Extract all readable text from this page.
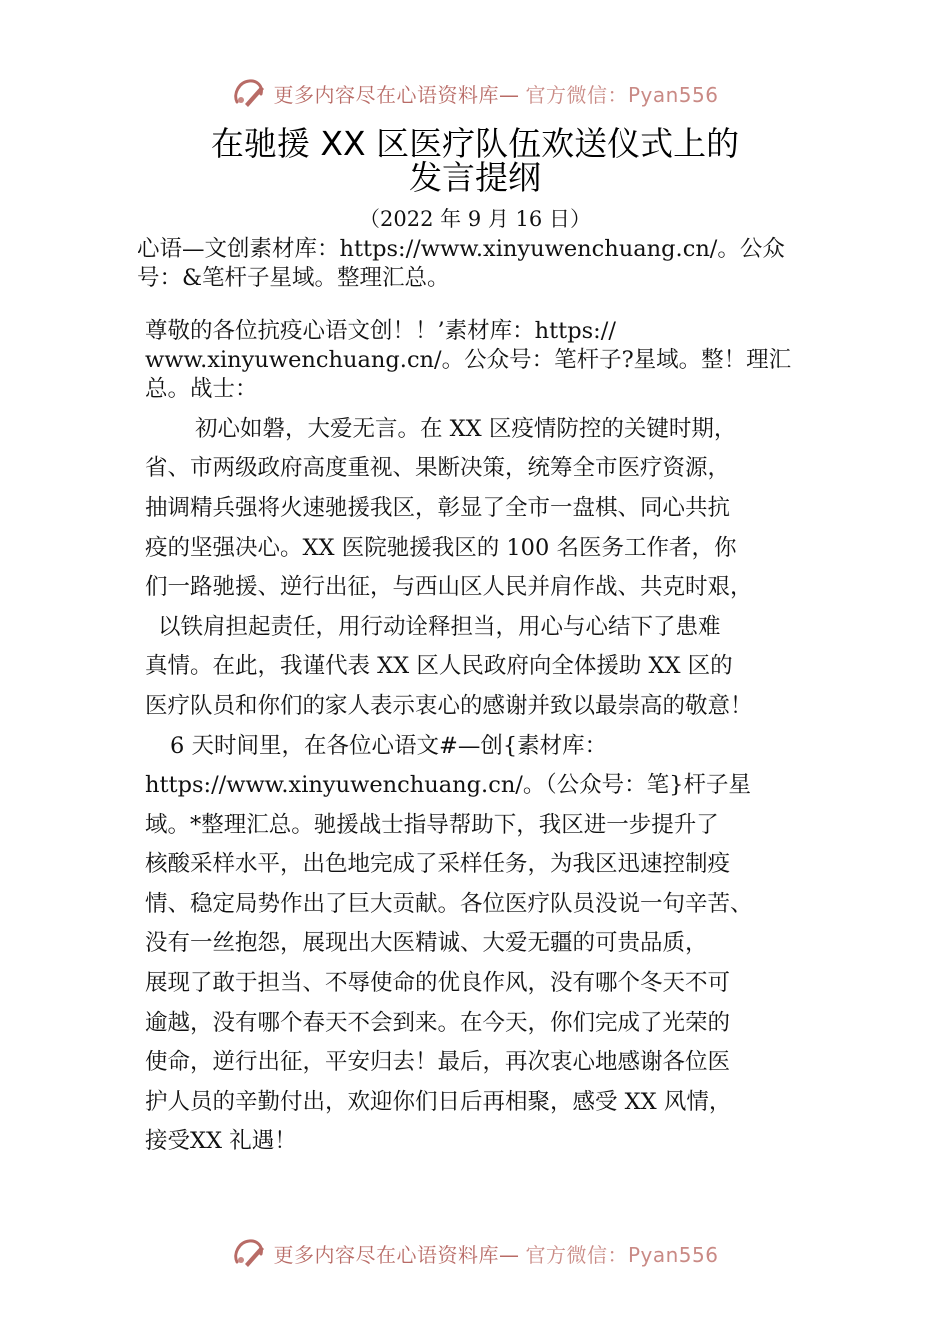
更多内容尽在心语资料库— 官方微信：Pyan556
在驰援 XX 区医疗队伍欢送仪式上的
发言提纲
（2022 年 9 月 16 日）
心语—文创素材库：https://www.xinyuwenchuang.cn/。公众
号：&笔杆子星域。整理汇总。
尊敬的各位抗疫心语文创！！’素材库：https://
www.xinyuwenchuang.cn/。公众号：笔杆子?星域。整！理汇
总。战士：
初心如磐，大爱无言。在 XX 区疫情防控的关键时期，
省、市两级政府高度重视、果断决策，统筹全市医疗资源，
抽调精兵强将火速驰援我区，彰显了全市一盘棋、同心共抗
疫的坚强决心。XX 医院驰援我区的 100 名医务工作者，你
们一路驰援、逆行出征，与西山区人民并肩作战、共克时艰，
以铁肩担起责任，用行动诠释担当，用心与心结下了患难
真情。在此，我谨代表 XX 区人民政府向全体援助 XX 区的
医疗队员和你们的家人表示衷心的感谢并致以最崇高的敬意！
6 天时间里，在各位心语文#—创{素材库：
https://www.xinyuwenchuang.cn/。（公众号：笔}杆子星
域。*整理汇总。驰援战士指导帮助下，我区进一步提升了
核酸采样水平，出色地完成了采样任务，为我区迅速控制疫
情、稳定局势作出了巨大贡献。各位医疗队员没说一句辛苦、
没有一丝抱怨，展现出大医精诚、大爱无疆的可贵品质，
展现了敢于担当、不辱使命的优良作风，没有哪个冬天不可
逾越，没有哪个春天不会到来。在今天，你们完成了光荣的
使命，逆行出征，平安归去！最后，再次衷心地感谢各位医
护人员的辛勤付出，欢迎你们日后再相聚，感受 XX 风情，
接受XX 礼遇！
更多内容尽在心语资料库— 官方微信：Pyan556
